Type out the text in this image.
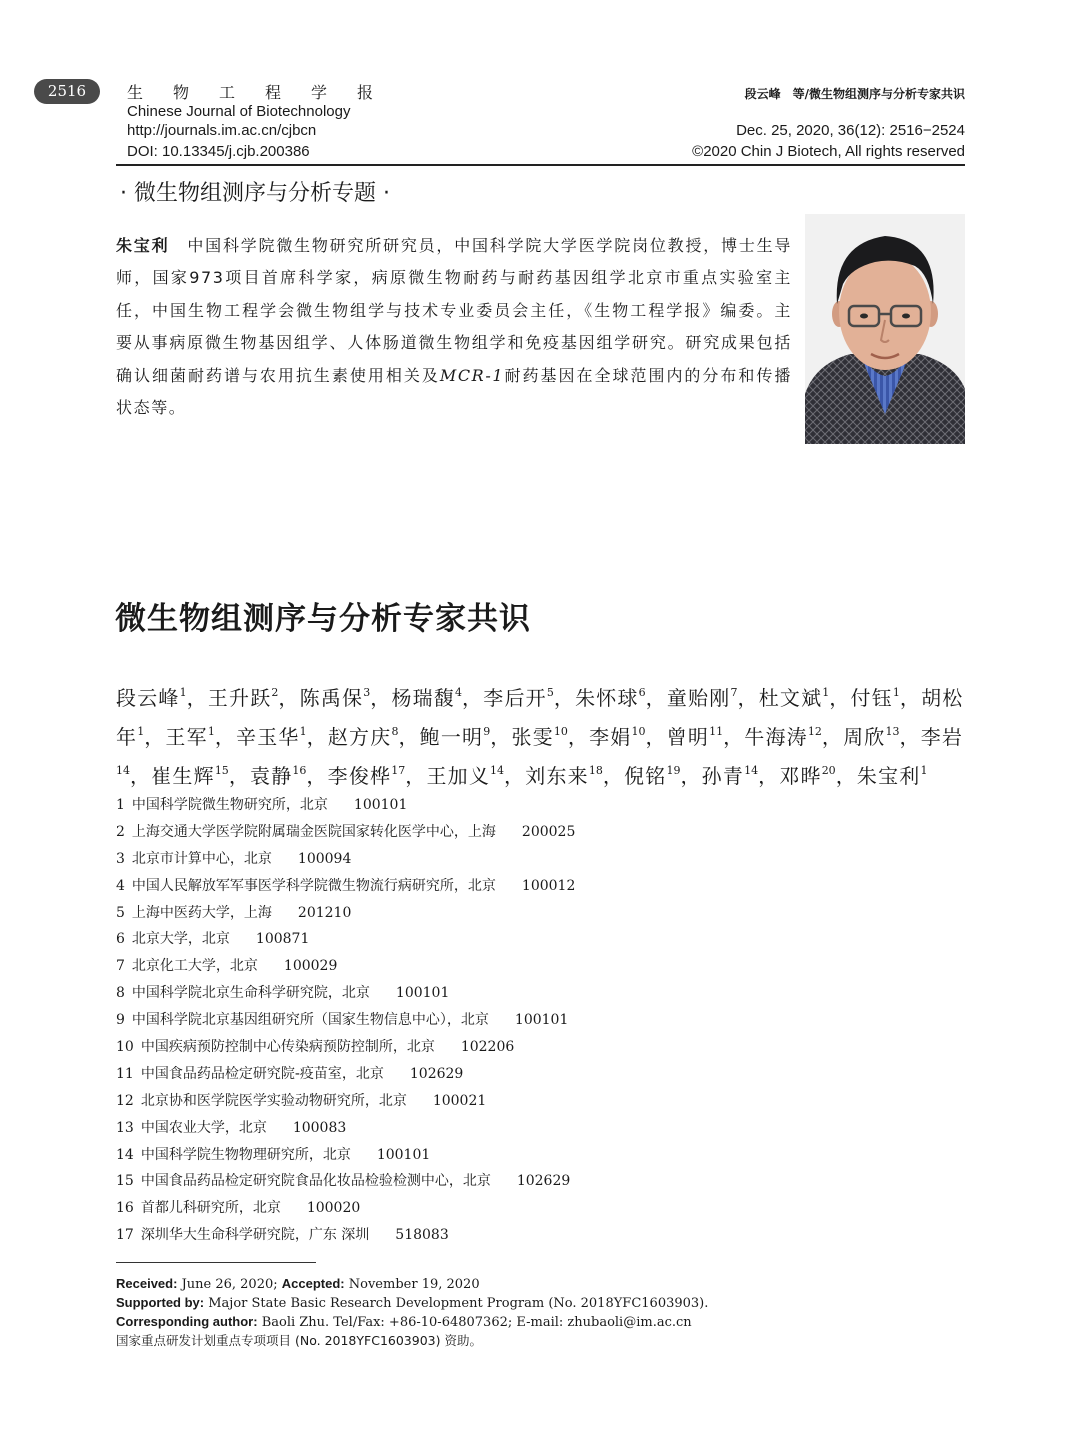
2516	生物工程学报
Chinese Journal of Biotechnology
http://journals.im.ac.cn/cjbcn
DOI: 10.13345/j.cjb.200386
段云峰　等/微生物组测序与分析专家共识
Dec. 25, 2020, 36(12): 2516−2524
©2020 Chin J Biotech, All rights reserved
· 微生物组测序与分析专题 ·
朱宝利 中国科学院微生物研究所研究员，中国科学院大学医学院岗位教授，博士生导师，国家973项目首席科学家，病原微生物耐药与耐药基因组学北京市重点实验室主任，中国生物工程学会微生物组学与技术专业委员会主任，《生物工程学报》编委。主要从事病原微生物基因组学、人体肠道微生物组学和免疫基因组学研究。研究成果包括确认细菌耐药谱与农用抗生素使用相关及MCR-1耐药基因在全球范围内的分布和传播状态等。
微生物组测序与分析专家共识
段云峰$^1$，王升跃$^2$，陈禹保$^3$，杨瑞馥$^4$，李后开$^5$，朱怀球$^6$，童贻刚$^7$，杜文斌$^1$，付钰$^1$，胡松年$^1$，王军$^1$，辛玉华$^1$，赵方庆$^8$，鲍一明$^9$，张雯$^{10}$，李娟$^{10}$，曾明$^{11}$，牛海涛$^{12}$，周欣$^{13}$，李岩$^{14}$，崔生辉$^{15}$，袁静$^{16}$，李俊桦$^{17}$，王加义$^{14}$，刘东来$^{18}$，倪铭$^{19}$，孙青$^{14}$，邓晔$^{20}$，朱宝利$^1$
1 中国科学院微生物研究所，北京 100101
2 上海交通大学医学院附属瑞金医院国家转化医学中心，上海 200025
3 北京市计算中心，北京 100094
4 中国人民解放军军事医学科学院微生物流行病研究所，北京 100012
5 上海中医药大学，上海 201210
6 北京大学，北京 100871
7 北京化工大学，北京 100029
8 中国科学院北京生命科学研究院，北京 100101
9 中国科学院北京基因组研究所（国家生物信息中心），北京 100101
10 中国疾病预防控制中心传染病预防控制所，北京 102206
11 中国食品药品检定研究院-疫苗室，北京 102629
12 北京协和医学院医学实验动物研究所，北京 100021
13 中国农业大学，北京 100083
14 中国科学院生物物理研究所，北京 100101
15 中国食品药品检定研究院食品化妆品检验检测中心，北京 102629
16 首都儿科研究所，北京 100020
17 深圳华大生命科学研究院，广东 深圳 518083
Received: June 26, 2020; Accepted: November 19, 2020
Supported by: Major State Basic Research Development Program (No. 2018YFC1603903).
Corresponding author: Baoli Zhu. Tel/Fax: +86-10-64807362; E-mail: zhubaoli@im.ac.cn
国家重点研发计划重点专项项目 (No. 2018YFC1603903) 资助。
